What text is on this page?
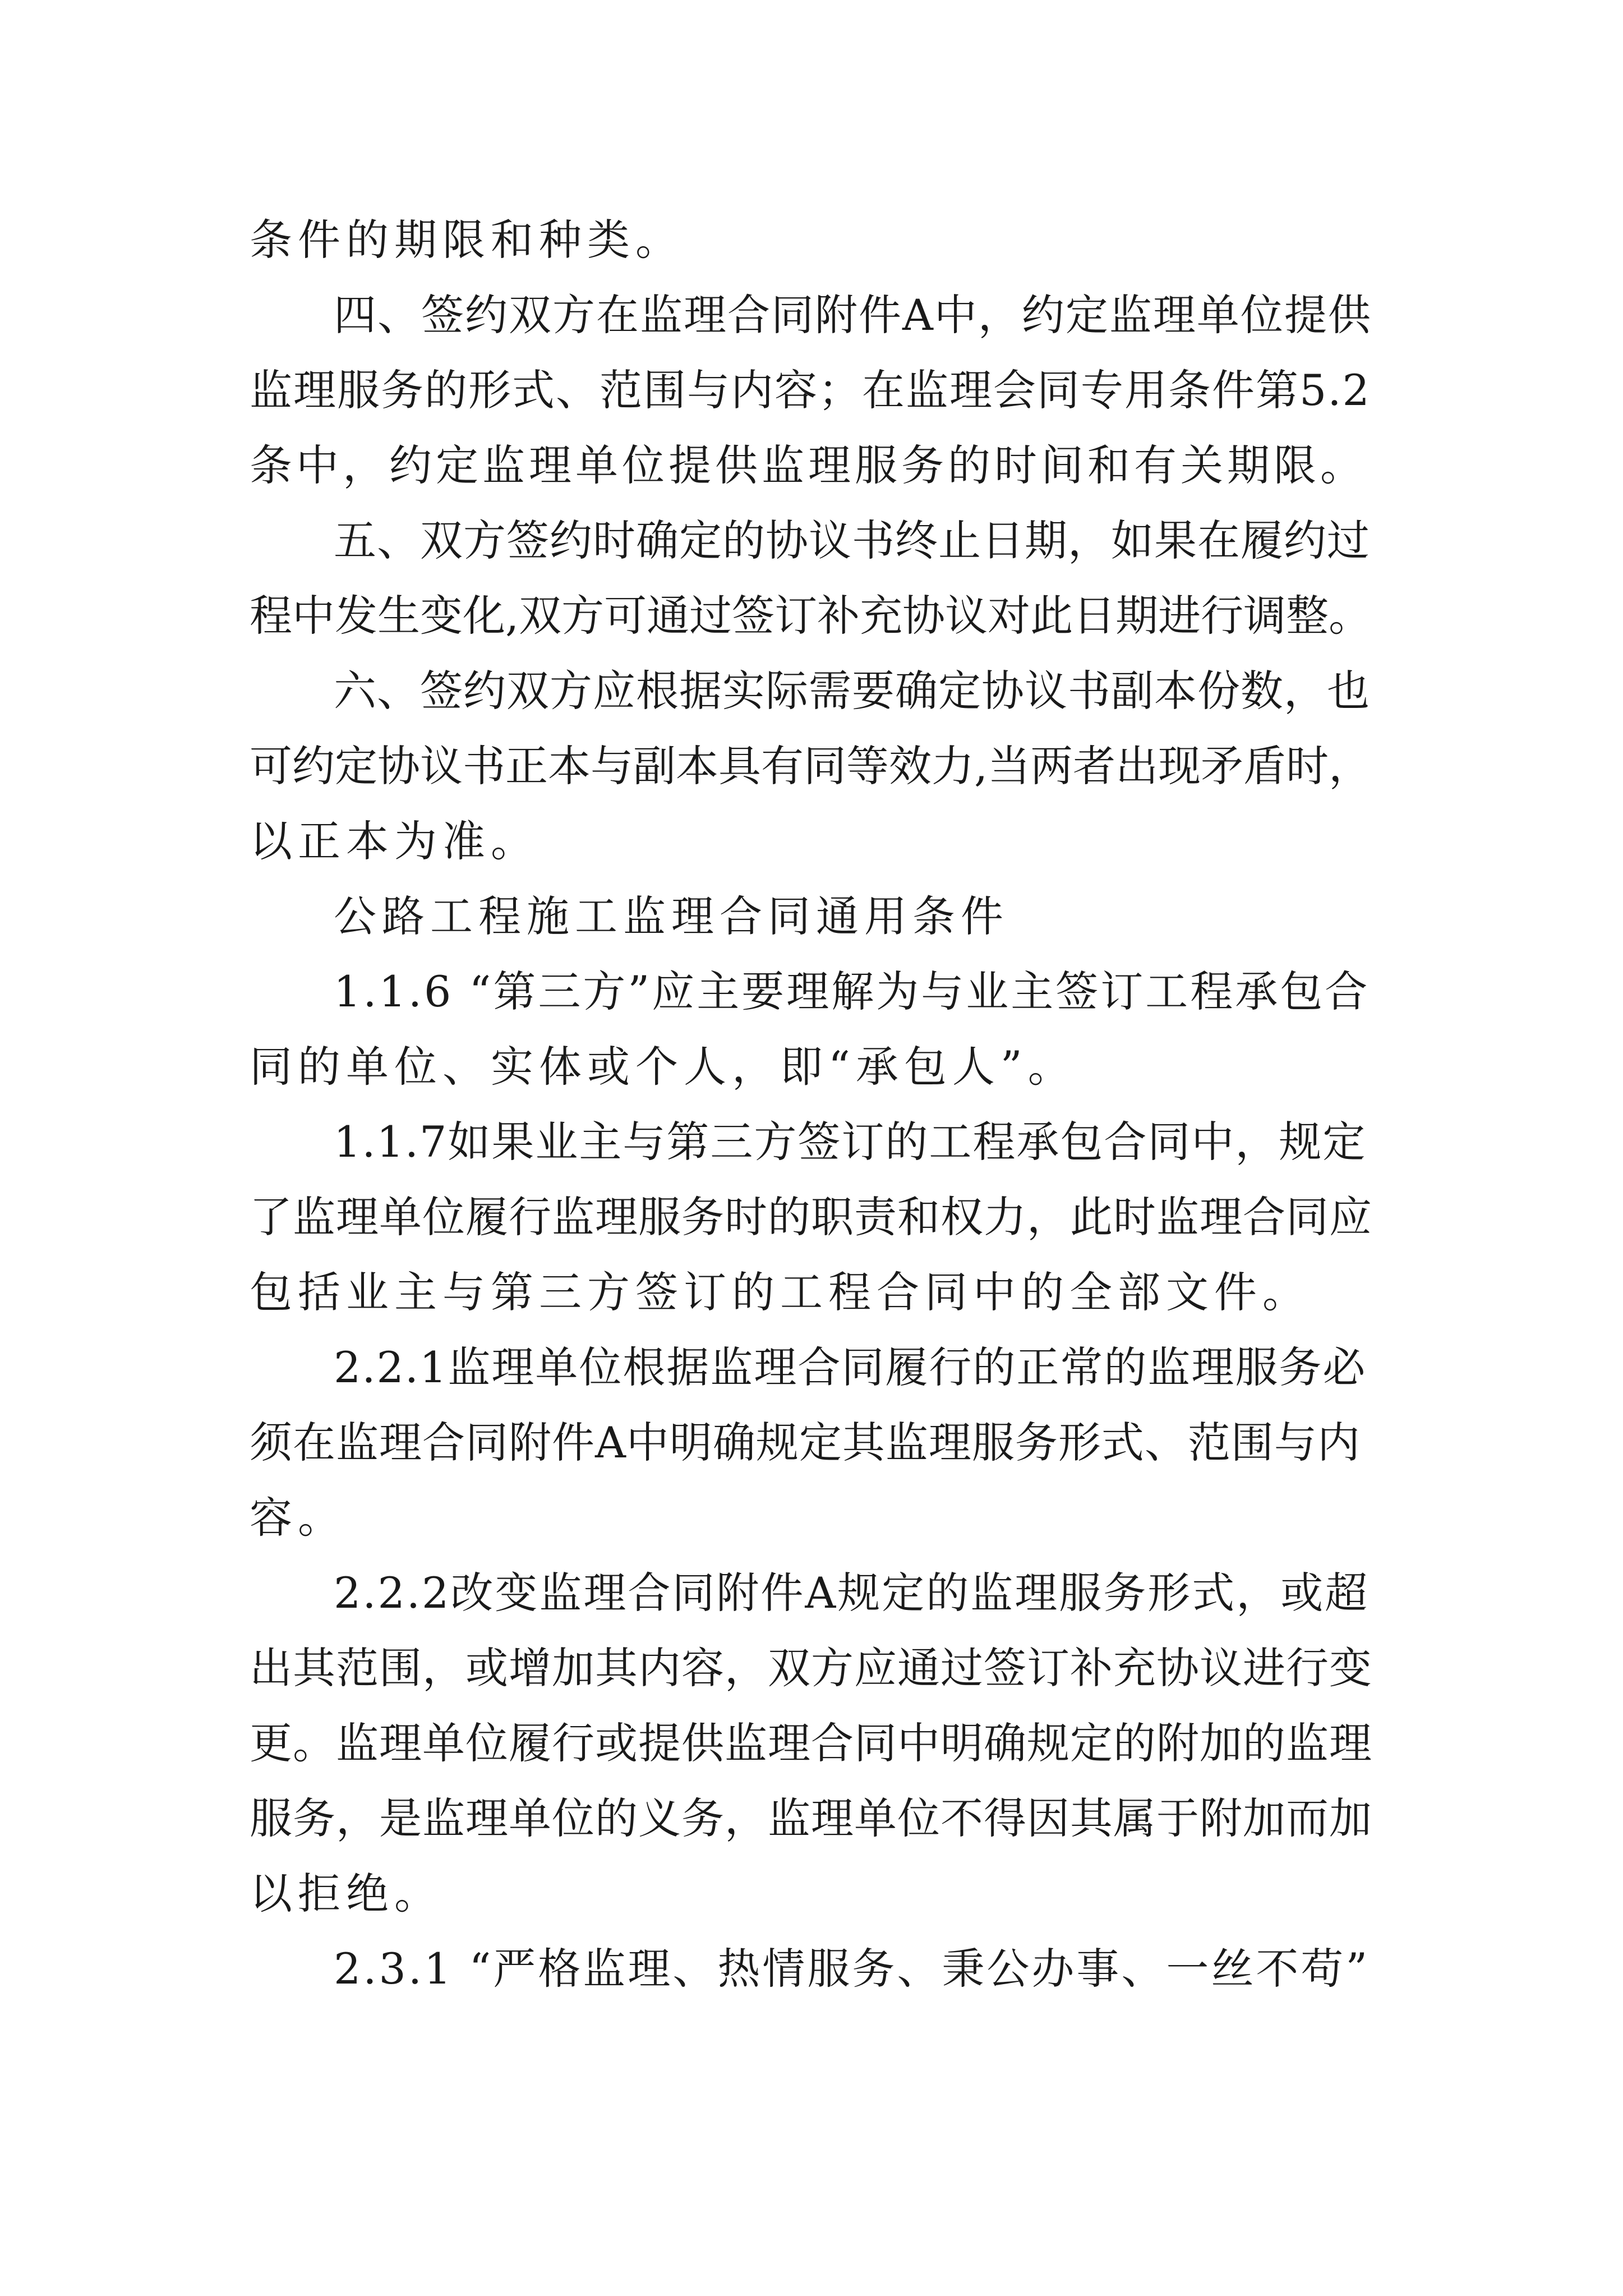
条件的期限和种类。
四、签约双方在监理合同附件A中，约定监理单位提供
监理服务的形式、范围与内容；在监理会同专用条件第5.2
条中，约定监理单位提供监理服务的时间和有关期限。
五、双方签约时确定的协议书终止日期，如果在履约过
程中发生变化,双方可通过签订补充协议对此日期进行调整。
六、签约双方应根据实际需要确定协议书副本份数，也
可约定协议书正本与副本具有同等效力,当两者出现矛盾时，
以正本为准。
公路工程施工监理合同通用条件
1.1.6 “第三方”应主要理解为与业主签订工程承包合
同的单位、实体或个人，即“承包人”。
1.1.7如果业主与第三方签订的工程承包合同中，规定
了监理单位履行监理服务时的职责和权力，此时监理合同应
包括业主与第三方签订的工程合同中的全部文件。
2.2.1监理单位根据监理合同履行的正常的监理服务必
须在监理合同附件A中明确规定其监理服务形式、范围与内
容。
2.2.2改变监理合同附件A规定的监理服务形式，或超
出其范围，或增加其内容，双方应通过签订补充协议进行变
更。监理单位履行或提供监理合同中明确规定的附加的监理
服务，是监理单位的义务，监理单位不得因其属于附加而加
以拒绝。
2.3.1 “严格监理、热情服务、秉公办事、一丝不苟”
